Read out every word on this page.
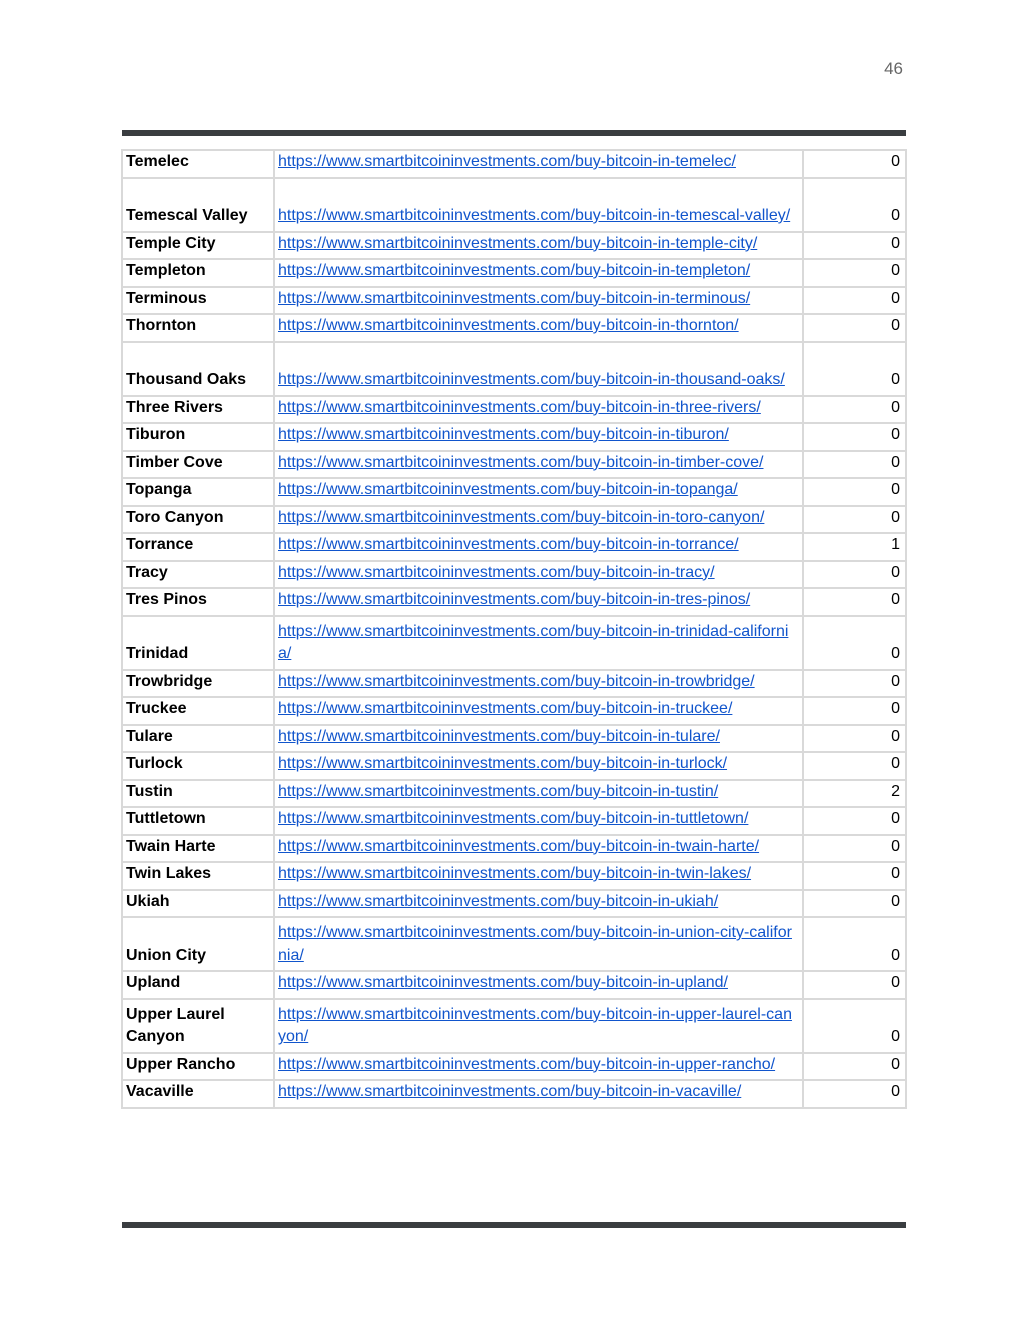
46
Temelec	https://www.smartbitcoininvestments.com/buy-bitcoin-in-temelec/	0
Temescal Valley	https://www.smartbitcoininvestments.com/buy-bitcoin-in-temescal-valley/	0
Temple City	https://www.smartbitcoininvestments.com/buy-bitcoin-in-temple-city/	0
Templeton	https://www.smartbitcoininvestments.com/buy-bitcoin-in-templeton/	0
Terminous	https://www.smartbitcoininvestments.com/buy-bitcoin-in-terminous/	0
Thornton	https://www.smartbitcoininvestments.com/buy-bitcoin-in-thornton/	0
Thousand Oaks	https://www.smartbitcoininvestments.com/buy-bitcoin-in-thousand-oaks/	0
Three Rivers	https://www.smartbitcoininvestments.com/buy-bitcoin-in-three-rivers/	0
Tiburon	https://www.smartbitcoininvestments.com/buy-bitcoin-in-tiburon/	0
Timber Cove	https://www.smartbitcoininvestments.com/buy-bitcoin-in-timber-cove/	0
Topanga	https://www.smartbitcoininvestments.com/buy-bitcoin-in-topanga/	0
Toro Canyon	https://www.smartbitcoininvestments.com/buy-bitcoin-in-toro-canyon/	0
Torrance	https://www.smartbitcoininvestments.com/buy-bitcoin-in-torrance/	1
Tracy	https://www.smartbitcoininvestments.com/buy-bitcoin-in-tracy/	0
Tres Pinos	https://www.smartbitcoininvestments.com/buy-bitcoin-in-tres-pinos/	0
Trinidad	https://www.smartbitcoininvestments.com/buy-bitcoin-in-trinidad-california/	0
Trowbridge	https://www.smartbitcoininvestments.com/buy-bitcoin-in-trowbridge/	0
Truckee	https://www.smartbitcoininvestments.com/buy-bitcoin-in-truckee/	0
Tulare	https://www.smartbitcoininvestments.com/buy-bitcoin-in-tulare/	0
Turlock	https://www.smartbitcoininvestments.com/buy-bitcoin-in-turlock/	0
Tustin	https://www.smartbitcoininvestments.com/buy-bitcoin-in-tustin/	2
Tuttletown	https://www.smartbitcoininvestments.com/buy-bitcoin-in-tuttletown/	0
Twain Harte	https://www.smartbitcoininvestments.com/buy-bitcoin-in-twain-harte/	0
Twin Lakes	https://www.smartbitcoininvestments.com/buy-bitcoin-in-twin-lakes/	0
Ukiah	https://www.smartbitcoininvestments.com/buy-bitcoin-in-ukiah/	0
Union City	https://www.smartbitcoininvestments.com/buy-bitcoin-in-union-city-california/	0
Upland	https://www.smartbitcoininvestments.com/buy-bitcoin-in-upland/	0
Upper Laurel Canyon	https://www.smartbitcoininvestments.com/buy-bitcoin-in-upper-laurel-canyon/	0
Upper Rancho	https://www.smartbitcoininvestments.com/buy-bitcoin-in-upper-rancho/	0
Vacaville	https://www.smartbitcoininvestments.com/buy-bitcoin-in-vacaville/	0
